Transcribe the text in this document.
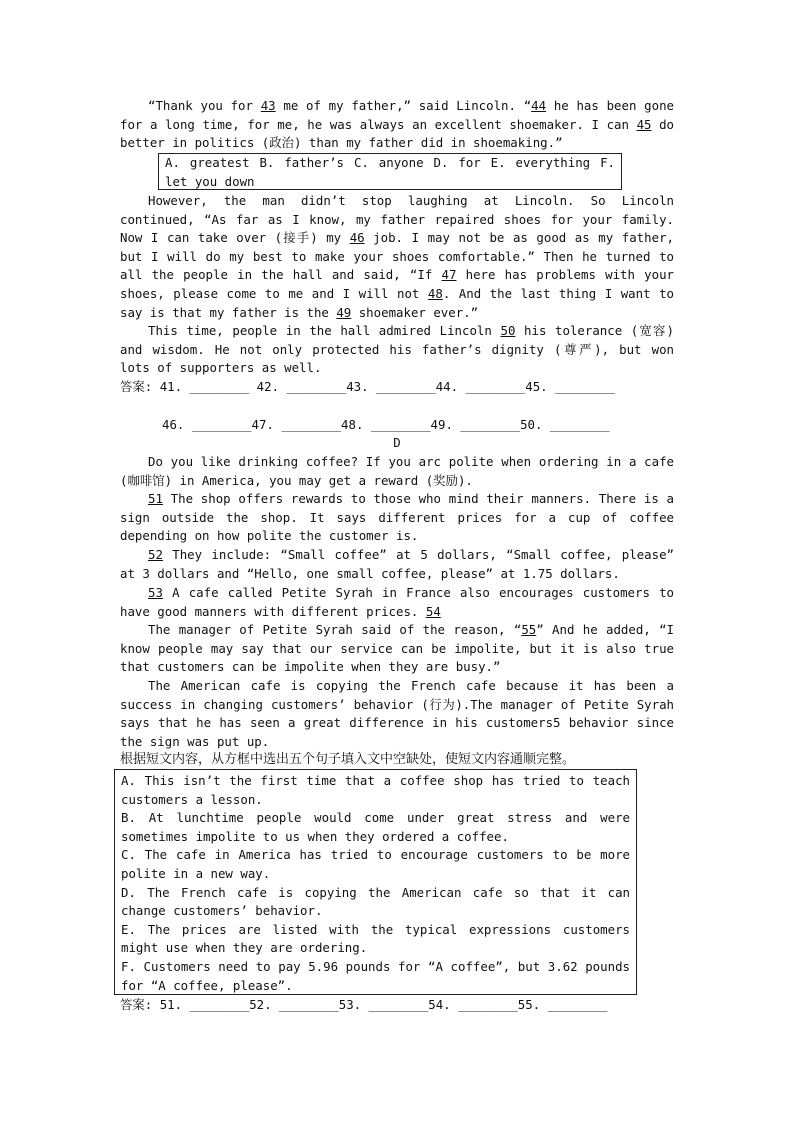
“Thank you for 43 me of my father,” said Lincoln. “44 he has been gone for a long time, for me, he was always an excellent shoemaker. I can 45 do better in politics (政治) than my father did in shoemaking.”

A. greatest B. father’s C. anyone D. for E. everything F. let you down

However, the man didn’t stop laughing at Lincoln. So Lincoln continued, “As far as I know, my father repaired shoes for your family. Now I can take over (接手) my 46 job. I may not be as good as my father, but I will do my best to make your shoes comfortable.” Then he turned to all the people in the hall and said, “If 47 here has problems with your shoes, please come to me and I will not 48. And the last thing I want to say is that my father is the 49 shoemaker ever.”

This time, people in the hall admired Lincoln 50 his tolerance (宽容) and wisdom. He not only protected his father’s dignity (尊严), but won lots of supporters as well.

答案: 41. ________ 42. ________43. ________44. ________45. ________
46. ________47. ________48. ________49. ________50. ________
D

Do you like drinking coffee? If you arc polite when ordering in a cafe (咖啡馆) in America, you may get a reward (奖励).

51 The shop offers rewards to those who mind their manners. There is a sign outside the shop. It says different prices for a cup of coffee depending on how polite the customer is.

52 They include: “Small coffee” at 5 dollars, “Small coffee, please” at 3 dollars and “Hello, one small coffee, please” at 1.75 dollars.

53 A cafe called Petite Syrah in France also encourages customers to have good manners with different prices. 54

The manager of Petite Syrah said of the reason, “55” And he added, “I know people may say that our service can be impolite, but it is also true that customers can be impolite when they are busy.”

The American cafe is copying the French cafe because it has been a success in changing customers’ behavior (行为).The manager of Petite Syrah says that he has seen a great difference in his customers5 behavior since the sign was put up.

根据短文内容，从方框中选出五个句子填入文中空缺处，使短文内容通顺完整。
A. This isn’t the first time that a coffee shop has tried to teach customers a lesson.
B. At lunchtime people would come under great stress and were sometimes impolite to us when they ordered a coffee.
C. The cafe in America has tried to encourage customers to be more polite in a new way.
D. The French cafe is copying the American cafe so that it can change customers’ behavior.
E. The prices are listed with the typical expressions customers might use when they are ordering.
F. Customers need to pay 5.96 pounds for “A coffee”, but 3.62 pounds for “A coffee, please”.
答案: 51. ________52. ________53. ________54. ________55. ________
